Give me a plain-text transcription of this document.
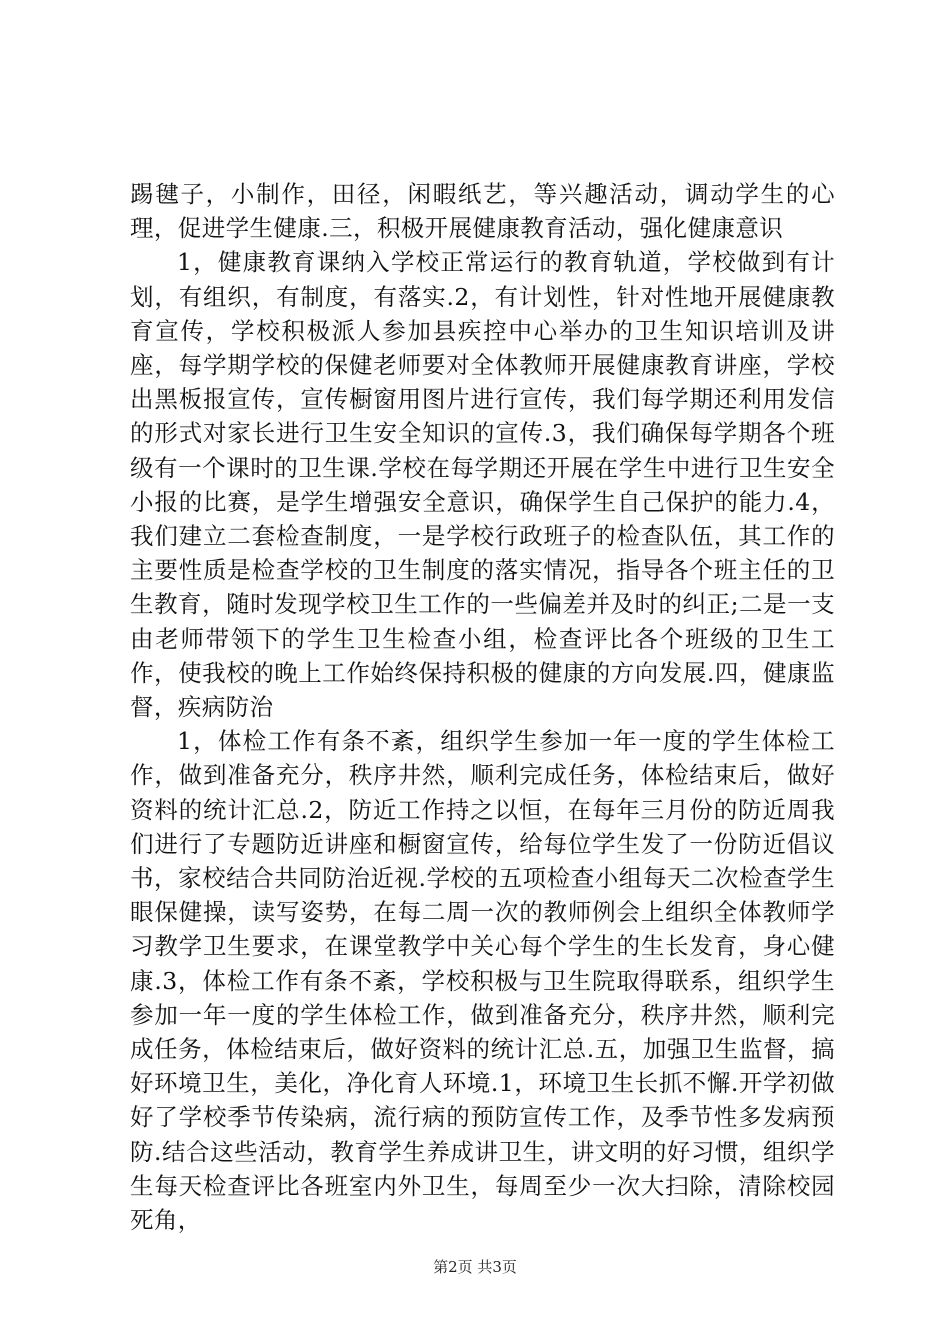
踢毽子，小制作，田径，闲暇纸艺，等兴趣活动，调动学生的心理，促进学生健康.三，积极开展健康教育活动，强化健康意识

1，健康教育课纳入学校正常运行的教育轨道，学校做到有计划，有组织，有制度，有落实.2，有计划性，针对性地开展健康教育宣传，学校积极派人参加县疾控中心举办的卫生知识培训及讲座，每学期学校的保健老师要对全体教师开展健康教育讲座，学校出黑板报宣传，宣传橱窗用图片进行宣传，我们每学期还利用发信的形式对家长进行卫生安全知识的宣传.3，我们确保每学期各个班级有一个课时的卫生课.学校在每学期还开展在学生中进行卫生安全小报的比赛，是学生增强安全意识，确保学生自己保护的能力.4，我们建立二套检查制度，一是学校行政班子的检查队伍，其工作的主要性质是检查学校的卫生制度的落实情况，指导各个班主任的卫生教育，随时发现学校卫生工作的一些偏差并及时的纠正;二是一支由老师带领下的学生卫生检查小组，检查评比各个班级的卫生工作，使我校的晚上工作始终保持积极的健康的方向发展.四，健康监督，疾病防治

1，体检工作有条不紊，组织学生参加一年一度的学生体检工作，做到准备充分，秩序井然，顺利完成任务，体检结束后，做好资料的统计汇总.2，防近工作持之以恒，在每年三月份的防近周我们进行了专题防近讲座和橱窗宣传，给每位学生发了一份防近倡议书，家校结合共同防治近视.学校的五项检查小组每天二次检查学生眼保健操，读写姿势，在每二周一次的教师例会上组织全体教师学习教学卫生要求，在课堂教学中关心每个学生的生长发育，身心健康.3，体检工作有条不紊，学校积极与卫生院取得联系，组织学生参加一年一度的学生体检工作，做到准备充分，秩序井然，顺利完成任务，体检结束后，做好资料的统计汇总.五，加强卫生监督，搞好环境卫生，美化，净化育人环境.1，环境卫生长抓不懈.开学初做好了学校季节传染病，流行病的预防宣传工作，及季节性多发病预防.结合这些活动，教育学生养成讲卫生，讲文明的好习惯，组织学生每天检查评比各班室内外卫生，每周至少一次大扫除，清除校园死角，

第2页 共3页
